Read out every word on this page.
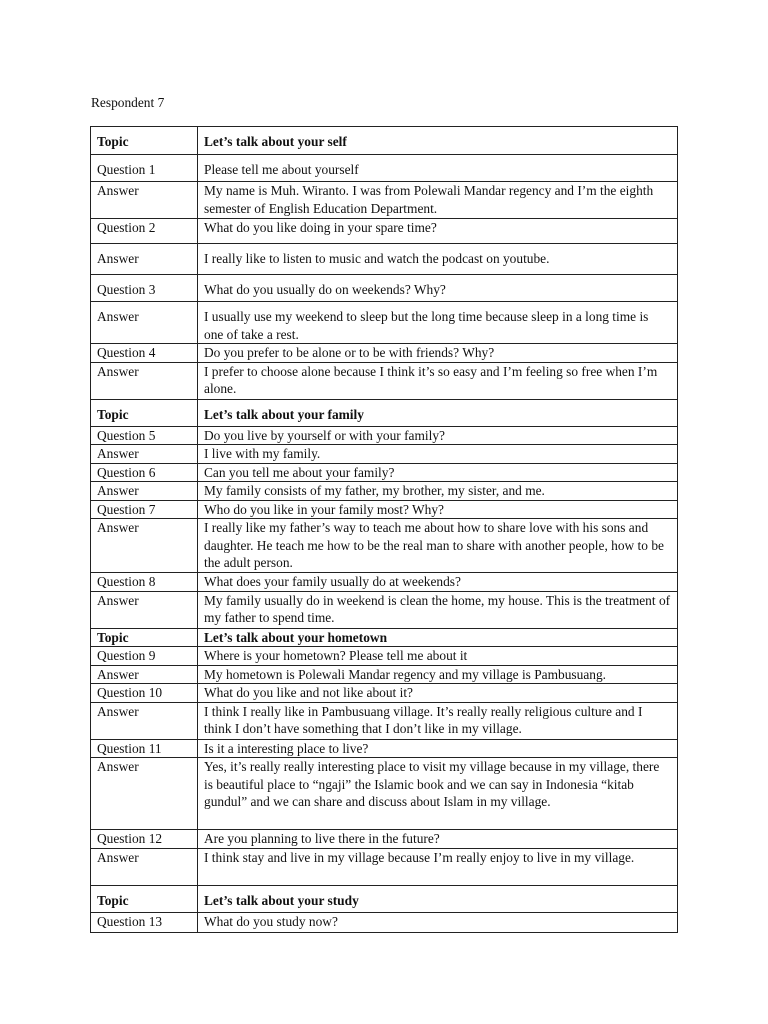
Respondent 7
Topic	Let’s talk about your self
Question 1	Please tell me about yourself
Answer	My name is Muh. Wiranto. I was from Polewali Mandar regency and I’m the eighth semester of English Education Department.
Question 2	What do you like doing in your spare time?
Answer	I really like to listen to music and watch the podcast on youtube.
Question 3	What do you usually do on weekends? Why?
Answer	I usually use my weekend to sleep but the long time because sleep in a long time is one of take a rest.
Question 4	Do you prefer to be alone or to be with friends? Why?
Answer	I prefer to choose alone because I think it’s so easy and I’m feeling so free when I’m alone.
Topic	Let’s talk about your family
Question 5	Do you live by yourself or with your family?
Answer	I live with my family.
Question 6	Can you tell me about your family?
Answer	My family consists of my father, my brother, my sister, and me.
Question 7	Who do you like in your family most? Why?
Answer	I really like my father’s way to teach me about how to share love with his sons and daughter. He teach me how to be the real man to share with another people, how to be the adult person.
Question 8	What does your family usually do at weekends?
Answer	My family usually do in weekend is clean the home, my house. This is the treatment of my father to spend time.
Topic	Let’s talk about your hometown
Question 9	Where is your hometown? Please tell me about it
Answer	My hometown is Polewali Mandar regency and my village is Pambusuang.
Question 10	What do you like and not like about it?
Answer	I think I really like in Pambusuang village. It’s really really religious culture and I think I don’t have something that I don’t like in my village.
Question 11	Is it a interesting place to live?
Answer	Yes, it’s really really interesting place to visit my village because in my village, there is beautiful place to “ngaji” the Islamic book and we can say in Indonesia “kitab gundul” and we can share and discuss about Islam in my village.
Question 12	Are you planning to live there in the future?
Answer	I think stay and live in my village because I’m really enjoy to live in my village.
Topic	Let’s talk about your study
Question 13	What do you study now?
